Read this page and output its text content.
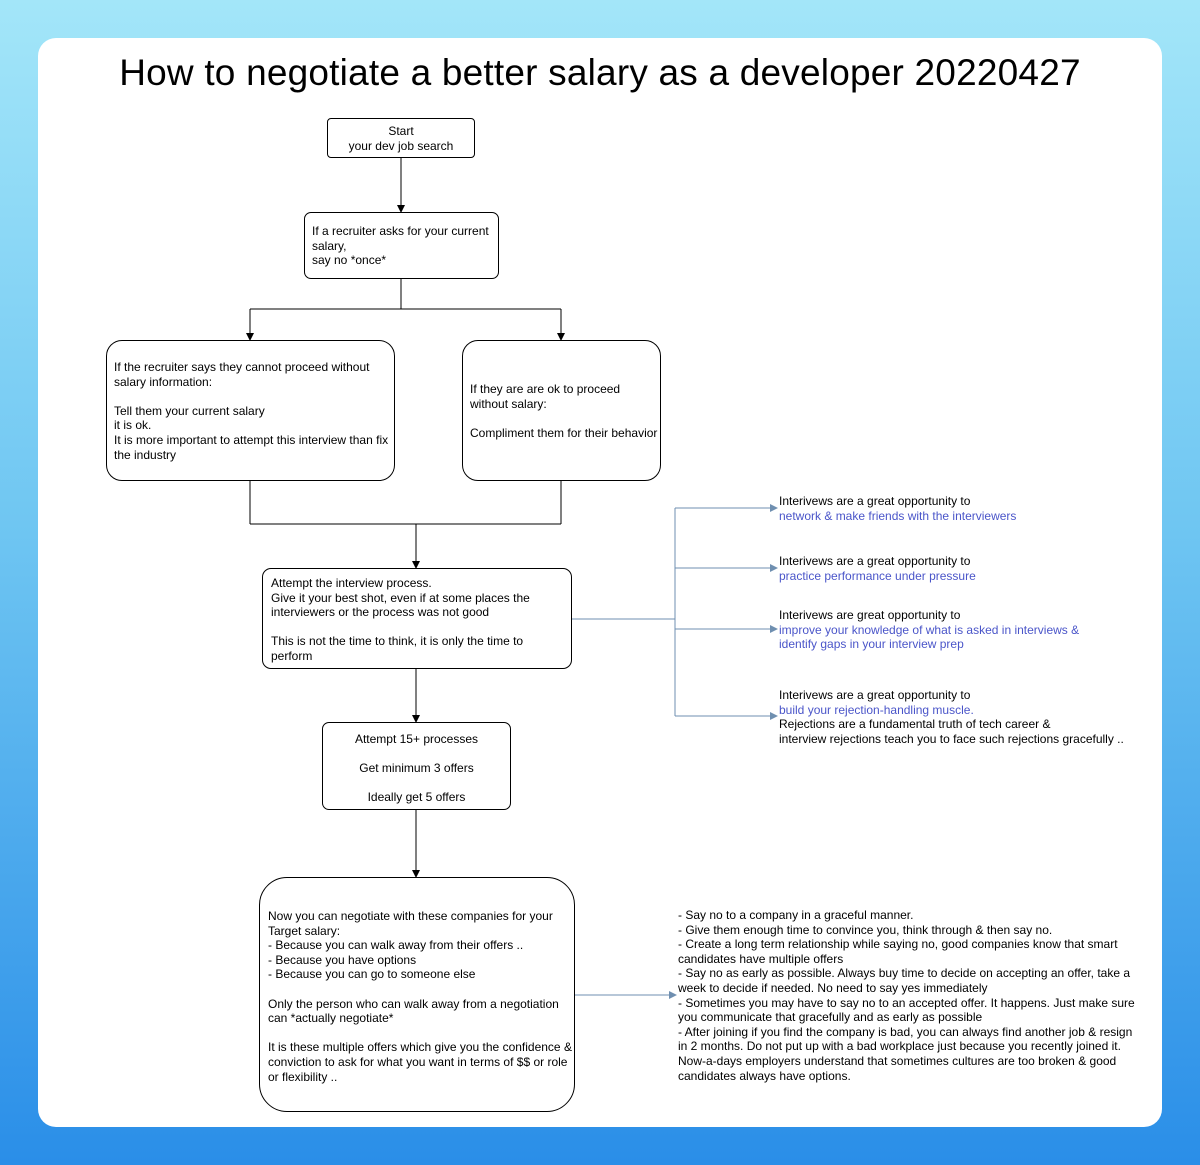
How to negotiate a better salary as a developer 20220427

Start

your dev job search

If a recruiter asks for your current

salary,

say no *once*

If the recruiter says they cannot proceed without

salary information:

Tell them your current salary

it is ok.

It is more important to attempt this interview than fix

the industry

If they are are ok to proceed

without salary:

Compliment them for their behavior

Attempt the interview process.

Give it your best shot, even if at some places the

interviewers or the process was not good

This is not the time to think, it is only the time to

perform

Attempt 15+ processes

Get minimum 3 offers

Ideally get 5 offers

Now you can negotiate with these companies for your

Target salary:

- Because you can walk away from their offers ..

- Because you have options

- Because you can go to someone else

Only the person who can walk away from a negotiation

can *actually negotiate*

It is these multiple offers which give you the confidence &

conviction to ask for what you want in terms of $$ or role

or flexibility ..

Interivews are a great opportunity to

network & make friends with the interviewers

Interivews are a great opportunity to

practice performance under pressure

Interivews are great opportunity to

improve your knowledge of what is asked in interviews &

identify gaps in your interview prep

Interivews are a great opportunity to

build your rejection-handling muscle.

Rejections are a fundamental truth of tech career &

interview rejections teach you to face such rejections gracefully ..

- Say no to a company in a graceful manner.

- Give them enough time to convince you, think through & then say no.

- Create a long term relationship while saying no, good companies know that smart

candidates have multiple offers

- Say no as early as possible. Always buy time to decide on accepting an offer, take a

week to decide if needed. No need to say yes immediately

- Sometimes you may have to say no to an accepted offer. It happens. Just make sure

you communicate that gracefully and as early as possible

- After joining if you find the company is bad, you can always find another job & resign

in 2 months. Do not put up with a bad workplace just because you recently joined it.

Now-a-days employers understand that sometimes cultures are too broken & good

candidates always have options.
